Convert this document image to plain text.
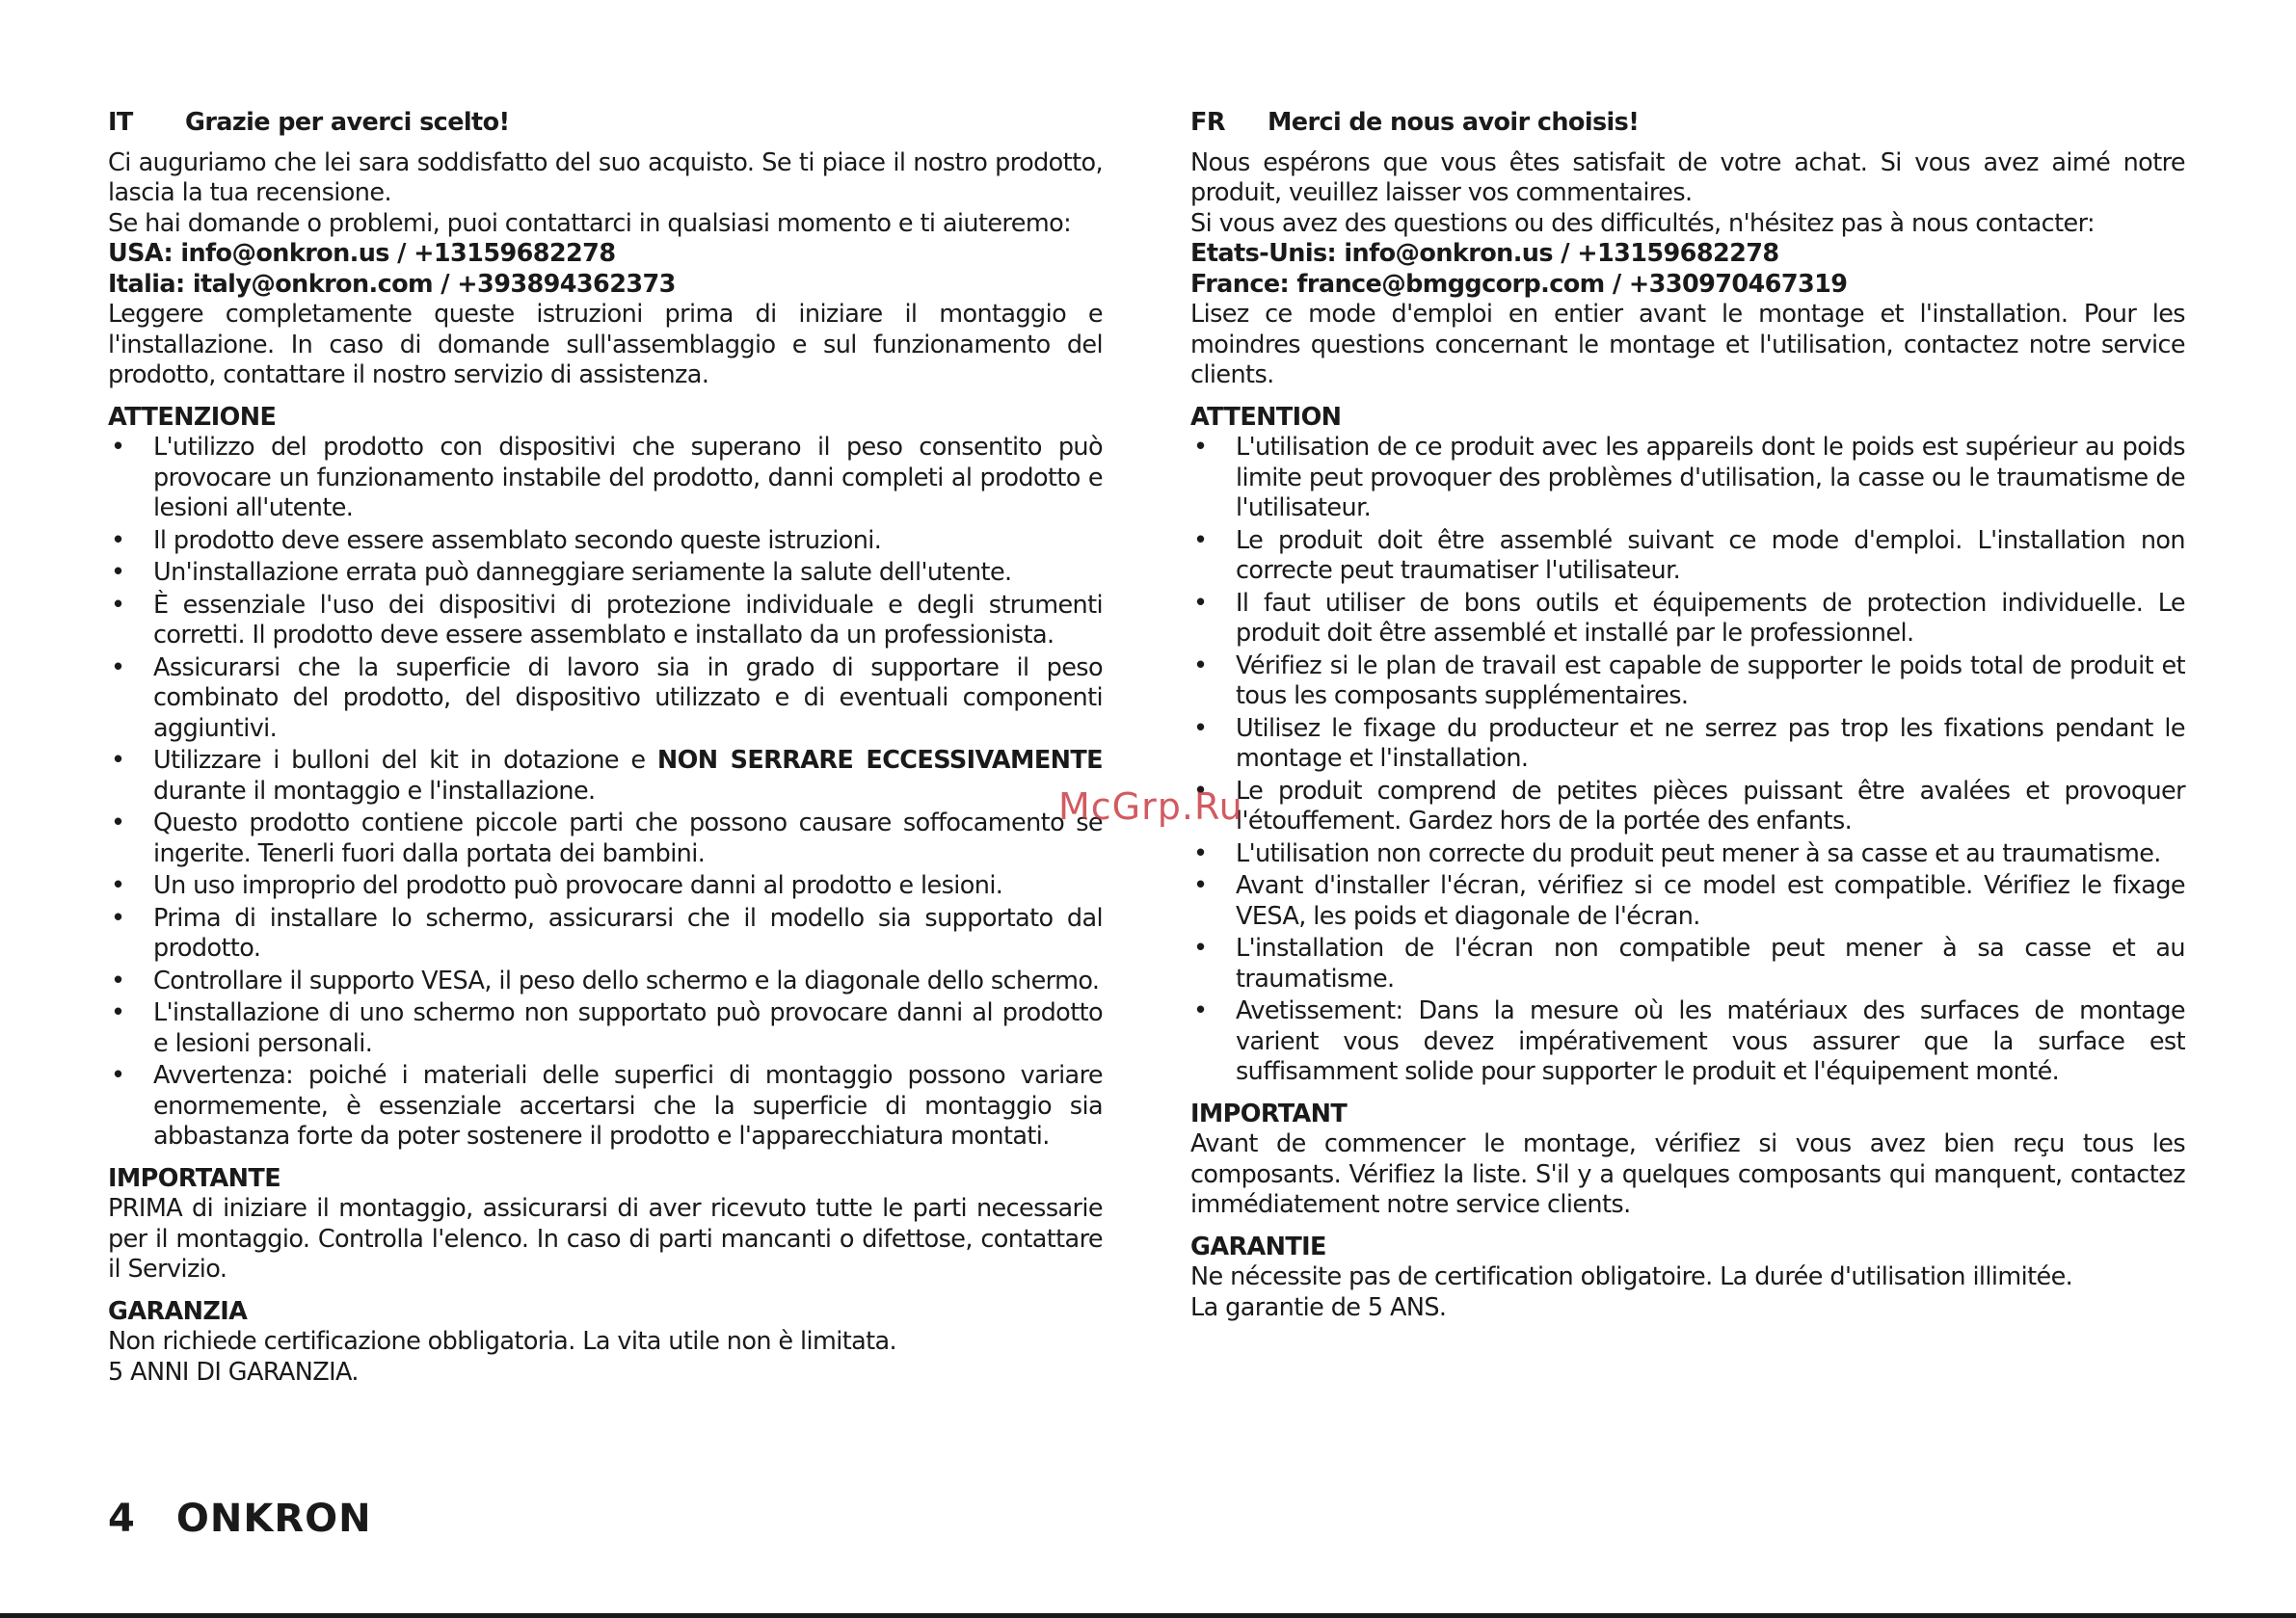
IT	Grazie per averci scelto!

Ci auguriamo che lei sara soddisfatto del suo acquisto. Se ti piace il nostro prodotto, lascia la tua recensione.

Se hai domande o problemi, puoi contattarci in qualsiasi momento e ti aiuteremo:

USA: info@onkron.us / +13159682278
Italia: italy@onkron.com / +393894362373

Leggere completamente queste istruzioni prima di iniziare il montaggio e l'installazione. In caso di domande sull'assemblaggio e sul funzionamento del prodotto, contattare il nostro servizio di assistenza.

ATTENZIONE
• L'utilizzo del prodotto con dispositivi che superano il peso consentito può provocare un funzionamento instabile del prodotto, danni completi al prodotto e lesioni all'utente.
• Il prodotto deve essere assemblato secondo queste istruzioni.
• Un'installazione errata può danneggiare seriamente la salute dell'utente.
• È essenziale l'uso dei dispositivi di protezione individuale e degli strumenti corretti. Il prodotto deve essere assemblato e installato da un professionista.
• Assicurarsi che la superficie di lavoro sia in grado di supportare il peso combinato del prodotto, del dispositivo utilizzato e di eventuali componenti aggiuntivi.
• Utilizzare i bulloni del kit in dotazione e NON SERRARE ECCESSIVAMENTE durante il montaggio e l'installazione.
• Questo prodotto contiene piccole parti che possono causare soffocamento se ingerite. Tenerli fuori dalla portata dei bambini.
• Un uso improprio del prodotto può provocare danni al prodotto e lesioni.
• Prima di installare lo schermo, assicurarsi che il modello sia supportato dal prodotto.
• Controllare il supporto VESA, il peso dello schermo e la diagonale dello schermo.
• L'installazione di uno schermo non supportato può provocare danni al prodotto e lesioni personali.
• Avvertenza: poiché i materiali delle superfici di montaggio possono variare enormemente, è essenziale accertarsi che la superficie di montaggio sia abbastanza forte da poter sostenere il prodotto e l'apparecchiatura montati.
IMPORTANTE

PRIMA di iniziare il montaggio, assicurarsi di aver ricevuto tutte le parti necessarie per il montaggio. Controlla l'elenco. In caso di parti mancanti o difettose, contattare il Servizio.

GARANZIA

Non richiede certificazione obbligatoria. La vita utile non è limitata.

5 ANNI DI GARANZIA.

FR	Merci de nous avoir choisis!

Nous espérons que vous êtes satisfait de votre achat. Si vous avez aimé notre produit, veuillez laisser vos commentaires.

Si vous avez des questions ou des difficultés, n'hésitez pas à nous contacter:

Etats-Unis: info@onkron.us / +13159682278
France: france@bmggcorp.com / +330970467319

Lisez ce mode d'emploi en entier avant le montage et l'installation. Pour les moindres questions concernant le montage et l'utilisation, contactez notre service clients.

ATTENTION
• L'utilisation de ce produit avec les appareils dont le poids est supérieur au poids limite peut provoquer des problèmes d'utilisation, la casse ou le traumatisme de l'utilisateur.
• Le produit doit être assemblé suivant ce mode d'emploi. L'installation non correcte peut traumatiser l'utilisateur.
• Il faut utiliser de bons outils et équipements de protection individuelle. Le produit doit être assemblé et installé par le professionnel.
• Vérifiez si le plan de travail est capable de supporter le poids total de produit et tous les composants supplémentaires.
• Utilisez le fixage du producteur et ne serrez pas trop les fixations pendant le montage et l'installation.
• Le produit comprend de petites pièces puissant être avalées et provoquer l'étouffement. Gardez hors de la portée des enfants.
• L'utilisation non correcte du produit peut mener à sa casse et au traumatisme.
• Avant d'installer l'écran, vérifiez si ce model est compatible. Vérifiez le fixage VESA, les poids et diagonale de l'écran.
• L'installation de l'écran non compatible peut mener à sa casse et au traumatisme.
• Avetissement: Dans la mesure où les matériaux des surfaces de montage varient vous devez impérativement vous assurer que la surface est suffisamment solide pour supporter le produit et l'équipement monté.
IMPORTANT

Avant de commencer le montage, vérifiez si vous avez bien reçu tous les composants. Vérifiez la liste. S'il y a quelques composants qui manquent, contactez immédiatement notre service clients.

GARANTIE

Ne nécessite pas de certification obligatoire. La durée d'utilisation illimitée.

La garantie de 5 ANS.

McGrp.Ru
4 ONKRON
